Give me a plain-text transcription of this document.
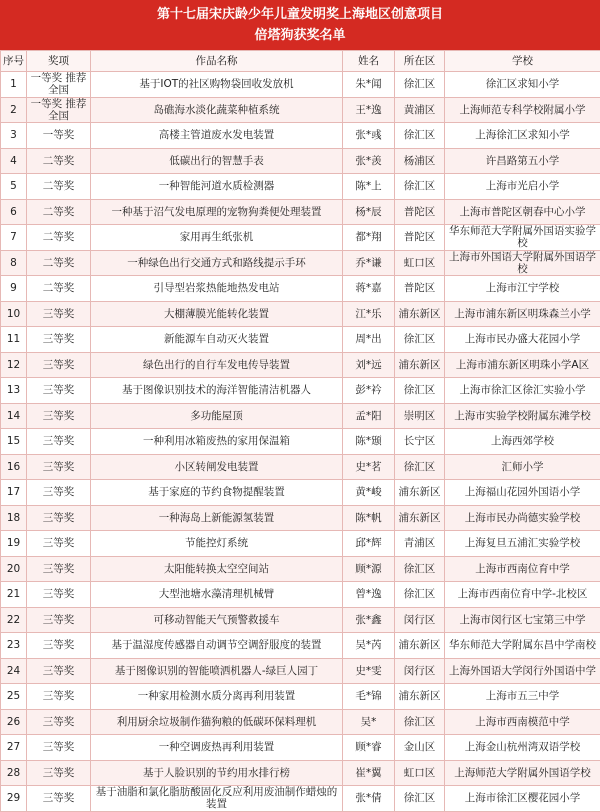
第十七届宋庆龄少年儿童发明奖上海地区创意项目
倍塔狗获奖名单
序号	奖项	作品名称	姓名	所在区	学校
1	一等奖 推荐全国	基于IOT的社区购物袋回收发放机	朱*闻	徐汇区	徐汇区求知小学
2	一等奖 推荐全国	岛礁海水淡化蔬菜种植系统	王*逸	黄浦区	上海师范专科学校附属小学
3	一等奖	高楼主管道废水发电装置	张*彧	徐汇区	上海徐汇区求知小学
4	二等奖	低碳出行的智慧手表	张*羡	杨浦区	许昌路第五小学
5	二等奖	一种智能河道水质检测器	陈*上	徐汇区	上海市光启小学
6	二等奖	一种基于沼气发电原理的宠物狗粪便处理装置	杨*辰	普陀区	上海市普陀区朝春中心小学
7	二等奖	家用再生纸张机	都*翔	普陀区	华东师范大学附属外国语实验学校
8	二等奖	一种绿色出行交通方式和路线提示手环	乔*谦	虹口区	上海市外国语大学附属外国语学校
9	二等奖	引导型岩浆热能地热发电站	蒋*嘉	普陀区	上海市江宁学校
10	三等奖	大棚薄膜光能转化装置	江*乐	浦东新区	上海市浦东新区明珠森兰小学
11	三等奖	新能源车自动灭火装置	周*出	徐汇区	上海市民办盛大花园小学
12	三等奖	绿色出行的自行车发电传导装置	刘*远	浦东新区	上海市浦东新区明珠小学A区
13	三等奖	基于图像识别技术的海洋智能清洁机器人	彭*衿	徐汇区	上海市徐汇区徐汇实验小学
14	三等奖	多功能屋顶	孟*阳	崇明区	上海市实验学校附属东滩学校
15	三等奖	一种利用冰箱废热的家用保温箱	陈*颋	长宁区	上海西郊学校
16	三等奖	小区转闸发电装置	史*茗	徐汇区	汇师小学
17	三等奖	基于家庭的节约食物提醒装置	黄*峻	浦东新区	上海福山花园外国语小学
18	三等奖	一种海岛上新能源氢装置	陈*帆	浦东新区	上海市民办尚德实验学校
19	三等奖	节能控灯系统	邱*辉	青浦区	上海复旦五浦汇实验学校
20	三等奖	太阳能转换太空空间站	顾*源	徐汇区	上海市西南位育中学
21	三等奖	大型池塘水藻清理机械臂	曾*逸	徐汇区	上海市西南位育中学-北校区
22	三等奖	可移动智能天气预警救援车	张*鑫	闵行区	上海市闵行区七宝第三中学
23	三等奖	基于温湿度传感器自动调节空调舒服度的装置	吴*芮	浦东新区	华东师范大学附属东昌中学南校
24	三等奖	基于图像识别的智能喷洒机器人-绿巨人园丁	史*雯	闵行区	上海外国语大学闵行外国语中学
25	三等奖	一种家用检测水质分离再利用装置	毛*锦	浦东新区	上海市五三中学
26	三等奖	利用厨余垃圾制作猫狗粮的低碳环保料理机	吴*	徐汇区	上海市西南模范中学
27	三等奖	一种空调废热再利用装置	顾*睿	金山区	上海金山杭州湾双语学校
28	三等奖	基于人脸识别的节约用水排行榜	崔*翼	虹口区	上海师范大学附属外国语学校
29	三等奖	基于油脂和氯化脂肪酸固化反应利用废油制作蜡烛的装置	张*倩	徐汇区	上海市徐汇区樱花园小学
